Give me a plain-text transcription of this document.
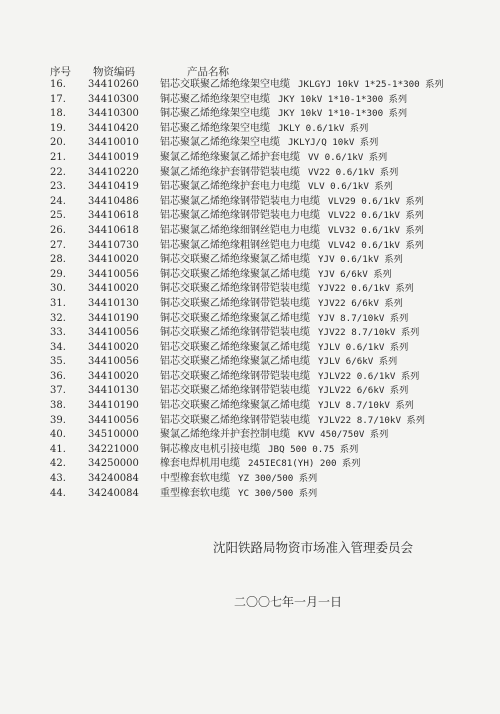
序号 物资编码	产品名称
16. 34410260 铝芯交联聚乙烯绝缘架空电缆 JKLGYJ 10kV 1*25-1*300 系列
17. 34410300 铜芯聚乙烯绝缘架空电缆 JKY 10kV 1*10-1*300 系列
18. 34410300 铜芯聚乙烯绝缘架空电缆 JKY 10kV 1*10-1*300 系列
19. 34410420 铝芯聚乙烯绝缘架空电缆 JKLY 0.6/1kV 系列
20. 34410010 铝芯聚氯乙烯绝缘架空电缆 JKLYJ/Q 10kV 系列
21. 34410019 聚氯乙烯绝缘聚氯乙烯护套电缆 VV 0.6/1kV 系列
22. 34410220 聚氯乙烯绝缘护套钢带铠装电缆 VV22 0.6/1kV 系列
23. 34410419 铝芯聚氯乙烯绝缘护套电力电缆 VLV 0.6/1kV 系列
24. 34410486 铝芯聚氯乙烯绝缘钢带铠装电力电缆 VLV29 0.6/1kV 系列
25. 34410618 铝芯聚氯乙烯绝缘钢带铠装电力电缆 VLV22 0.6/1kV 系列
26. 34410618 铝芯聚氯乙烯绝缘细钢丝铠电力电缆 VLV32 0.6/1kV 系列
27. 34410730 铝芯聚氯乙烯绝缘粗钢丝铠电力电缆 VLV42 0.6/1kV 系列
28. 34410020 铜芯交联聚乙烯绝缘聚氯乙烯电缆 YJV 0.6/1kV 系列
29. 34410056 铜芯交联聚乙烯绝缘聚氯乙烯电缆 YJV 6/6kV 系列
30. 34410020 铜芯交联聚乙烯绝缘钢带铠装电缆 YJV22 0.6/1kV 系列
31. 34410130 铜芯交联聚乙烯绝缘钢带铠装电缆 YJV22 6/6kV 系列
32. 34410190 铜芯交联聚乙烯绝缘聚氯乙烯电缆 YJV 8.7/10kV 系列
33. 34410056 铜芯交联聚乙烯绝缘钢带铠装电缆 YJV22 8.7/10kV 系列
34. 34410020 铝芯交联聚乙烯绝缘聚氯乙烯电缆 YJLV 0.6/1kV 系列
35. 34410056 铝芯交联聚乙烯绝缘聚氯乙烯电缆 YJLV 6/6kV 系列
36. 34410020 铝芯交联聚乙烯绝缘钢带铠装电缆 YJLV22 0.6/1kV 系列
37. 34410130 铝芯交联聚乙烯绝缘钢带铠装电缆 YJLV22 6/6kV 系列
38. 34410190 铝芯交联聚乙烯绝缘聚氯乙烯电缆 YJLV 8.7/10kV 系列
39. 34410056 铝芯交联聚乙烯绝缘钢带铠装电缆 YJLV22 8.7/10kV 系列
40. 34510000 聚氯乙烯绝缘并护套控制电缆 KVV 450/750V 系列
41. 34221000 铜芯橡皮电机引接电缆 JBQ 500 0.75 系列
42. 34250000 橡套电焊机用电缆 245IEC81(YH) 200 系列
43. 34240084 中型橡套软电缆 YZ 300/500 系列
44. 34240084 重型橡套软电缆 YC 300/500 系列
沈阳铁路局物资市场准入管理委员会
二〇〇七年一月一日
